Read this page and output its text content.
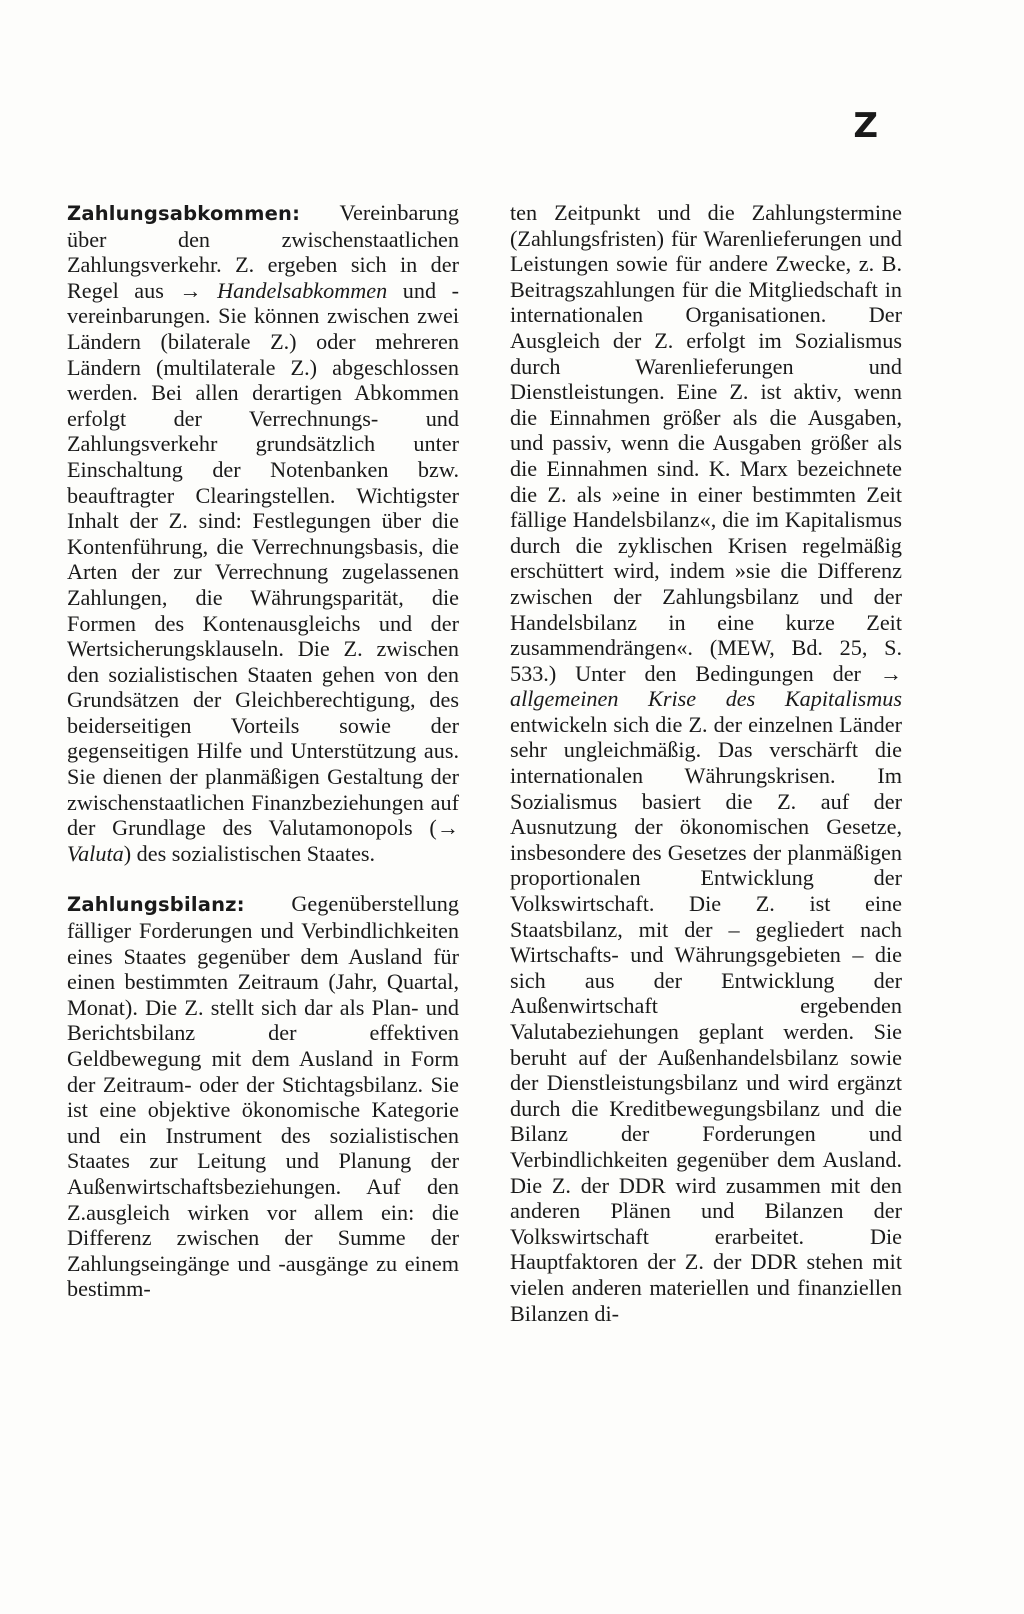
Z

Zahlungsabkommen: Vereinbarung über den zwischenstaatlichen Zahlungsverkehr. Z. ergeben sich in der Regel aus → Handelsabkommen und -vereinbarungen. Sie können zwischen zwei Ländern (bilaterale Z.) oder mehreren Ländern (multilaterale Z.) abgeschlossen werden. Bei allen derartigen Abkommen erfolgt der Verrechnungs- und Zahlungsverkehr grundsätzlich unter Einschaltung der Notenbanken bzw. beauftragter Clearingstellen. Wichtigster Inhalt der Z. sind: Festlegungen über die Kontenführung, die Verrechnungsbasis, die Arten der zur Verrechnung zugelassenen Zahlungen, die Währungsparität, die Formen des Kontenausgleichs und der Wertsicherungsklauseln. Die Z. zwischen den sozialistischen Staaten gehen von den Grundsätzen der Gleichberechtigung, des beiderseitigen Vorteils sowie der gegenseitigen Hilfe und Unterstützung aus. Sie dienen der planmäßigen Gestaltung der zwischenstaatlichen Finanzbeziehungen auf der Grundlage des Valutamonopols (→ Valuta) des sozialistischen Staates.

Zahlungsbilanz: Gegenüberstellung fälliger Forderungen und Verbindlichkeiten eines Staates gegenüber dem Ausland für einen bestimmten Zeitraum (Jahr, Quartal, Monat). Die Z. stellt sich dar als Plan- und Berichtsbilanz der effektiven Geldbewegung mit dem Ausland in Form der Zeitraum- oder der Stichtagsbilanz. Sie ist eine objektive ökonomische Kategorie und ein Instrument des sozialistischen Staates zur Leitung und Planung der Außenwirtschaftsbeziehungen. Auf den Z.ausgleich wirken vor allem ein: die Differenz zwischen der Summe der Zahlungseingänge und -ausgänge zu einem bestimm-

ten Zeitpunkt und die Zahlungstermine (Zahlungsfristen) für Warenlieferungen und Leistungen sowie für andere Zwecke, z. B. Beitragszahlungen für die Mitgliedschaft in internationalen Organisationen. Der Ausgleich der Z. erfolgt im Sozialismus durch Warenlieferungen und Dienstleistungen. Eine Z. ist aktiv, wenn die Einnahmen größer als die Ausgaben, und passiv, wenn die Ausgaben größer als die Einnahmen sind. K. Marx bezeichnete die Z. als »eine in einer bestimmten Zeit fällige Handelsbilanz«, die im Kapitalismus durch die zyklischen Krisen regelmäßig erschüttert wird, indem »sie die Differenz zwischen der Zahlungsbilanz und der Handelsbilanz in eine kurze Zeit zusammendrängen«. (MEW, Bd. 25, S. 533.) Unter den Bedingungen der → allgemeinen Krise des Kapitalismus entwickeln sich die Z. der einzelnen Länder sehr ungleichmäßig. Das verschärft die internationalen Währungskrisen. Im Sozialismus basiert die Z. auf der Ausnutzung der ökonomischen Gesetze, insbesondere des Gesetzes der planmäßigen proportionalen Entwicklung der Volkswirtschaft. Die Z. ist eine Staatsbilanz, mit der – gegliedert nach Wirtschafts- und Währungsgebieten – die sich aus der Entwicklung der Außenwirtschaft ergebenden Valutabeziehungen geplant werden. Sie beruht auf der Außenhandelsbilanz sowie der Dienstleistungsbilanz und wird ergänzt durch die Kreditbewegungsbilanz und die Bilanz der Forderungen und Verbindlichkeiten gegenüber dem Ausland. Die Z. der DDR wird zusammen mit den anderen Plänen und Bilanzen der Volkswirtschaft erarbeitet. Die Hauptfaktoren der Z. der DDR stehen mit vielen anderen materiellen und finanziellen Bilanzen di-
